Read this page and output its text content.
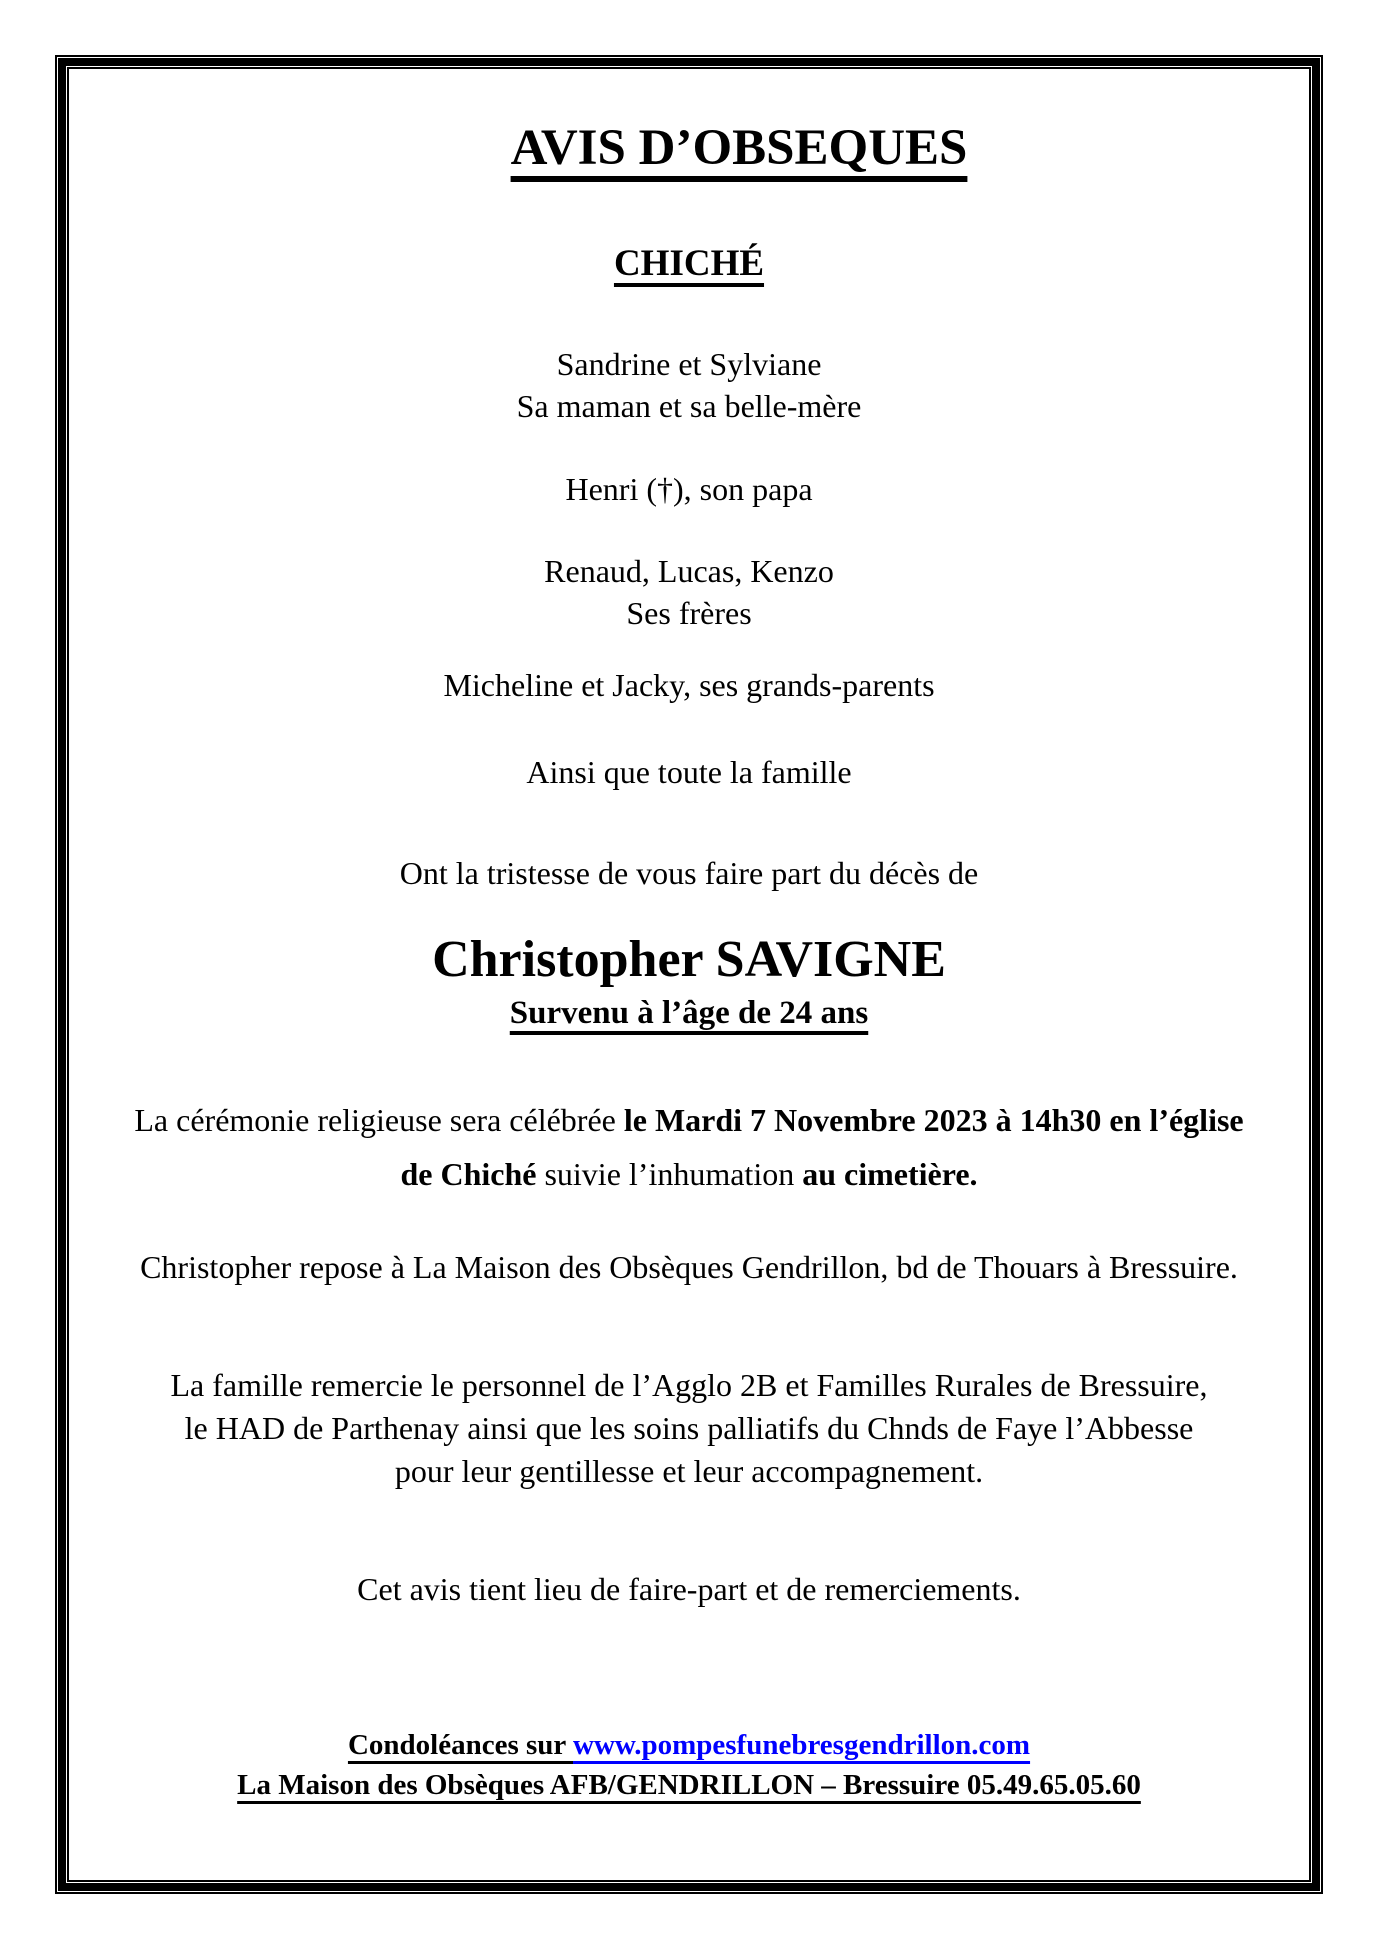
AVIS D’OBSEQUES
CHICHÉ

Sandrine et Sylviane
Sa maman et sa belle-mère

Henri (†), son papa

Renaud, Lucas, Kenzo
Ses frères

Micheline et Jacky, ses grands-parents

Ainsi que toute la famille

Ont la tristesse de vous faire part du décès de

Christopher SAVIGNE

Survenu à l’âge de 24 ans

La cérémonie religieuse sera célébrée le Mardi 7 Novembre 2023 à 14h30 en l’église
de Chiché suivie l’inhumation au cimetière.

Christopher repose à La Maison des Obsèques Gendrillon, bd de Thouars à Bressuire.

La famille remercie le personnel de l’Agglo 2B et Familles Rurales de Bressuire,
le HAD de Parthenay ainsi que les soins palliatifs du Chnds de Faye l’Abbesse
pour leur gentillesse et leur accompagnement.

Cet avis tient lieu de faire-part et de remerciements.

Condoléances sur www.pompesfunebresgendrillon.com
La Maison des Obsèques AFB/GENDRILLON – Bressuire 05.49.65.05.60
